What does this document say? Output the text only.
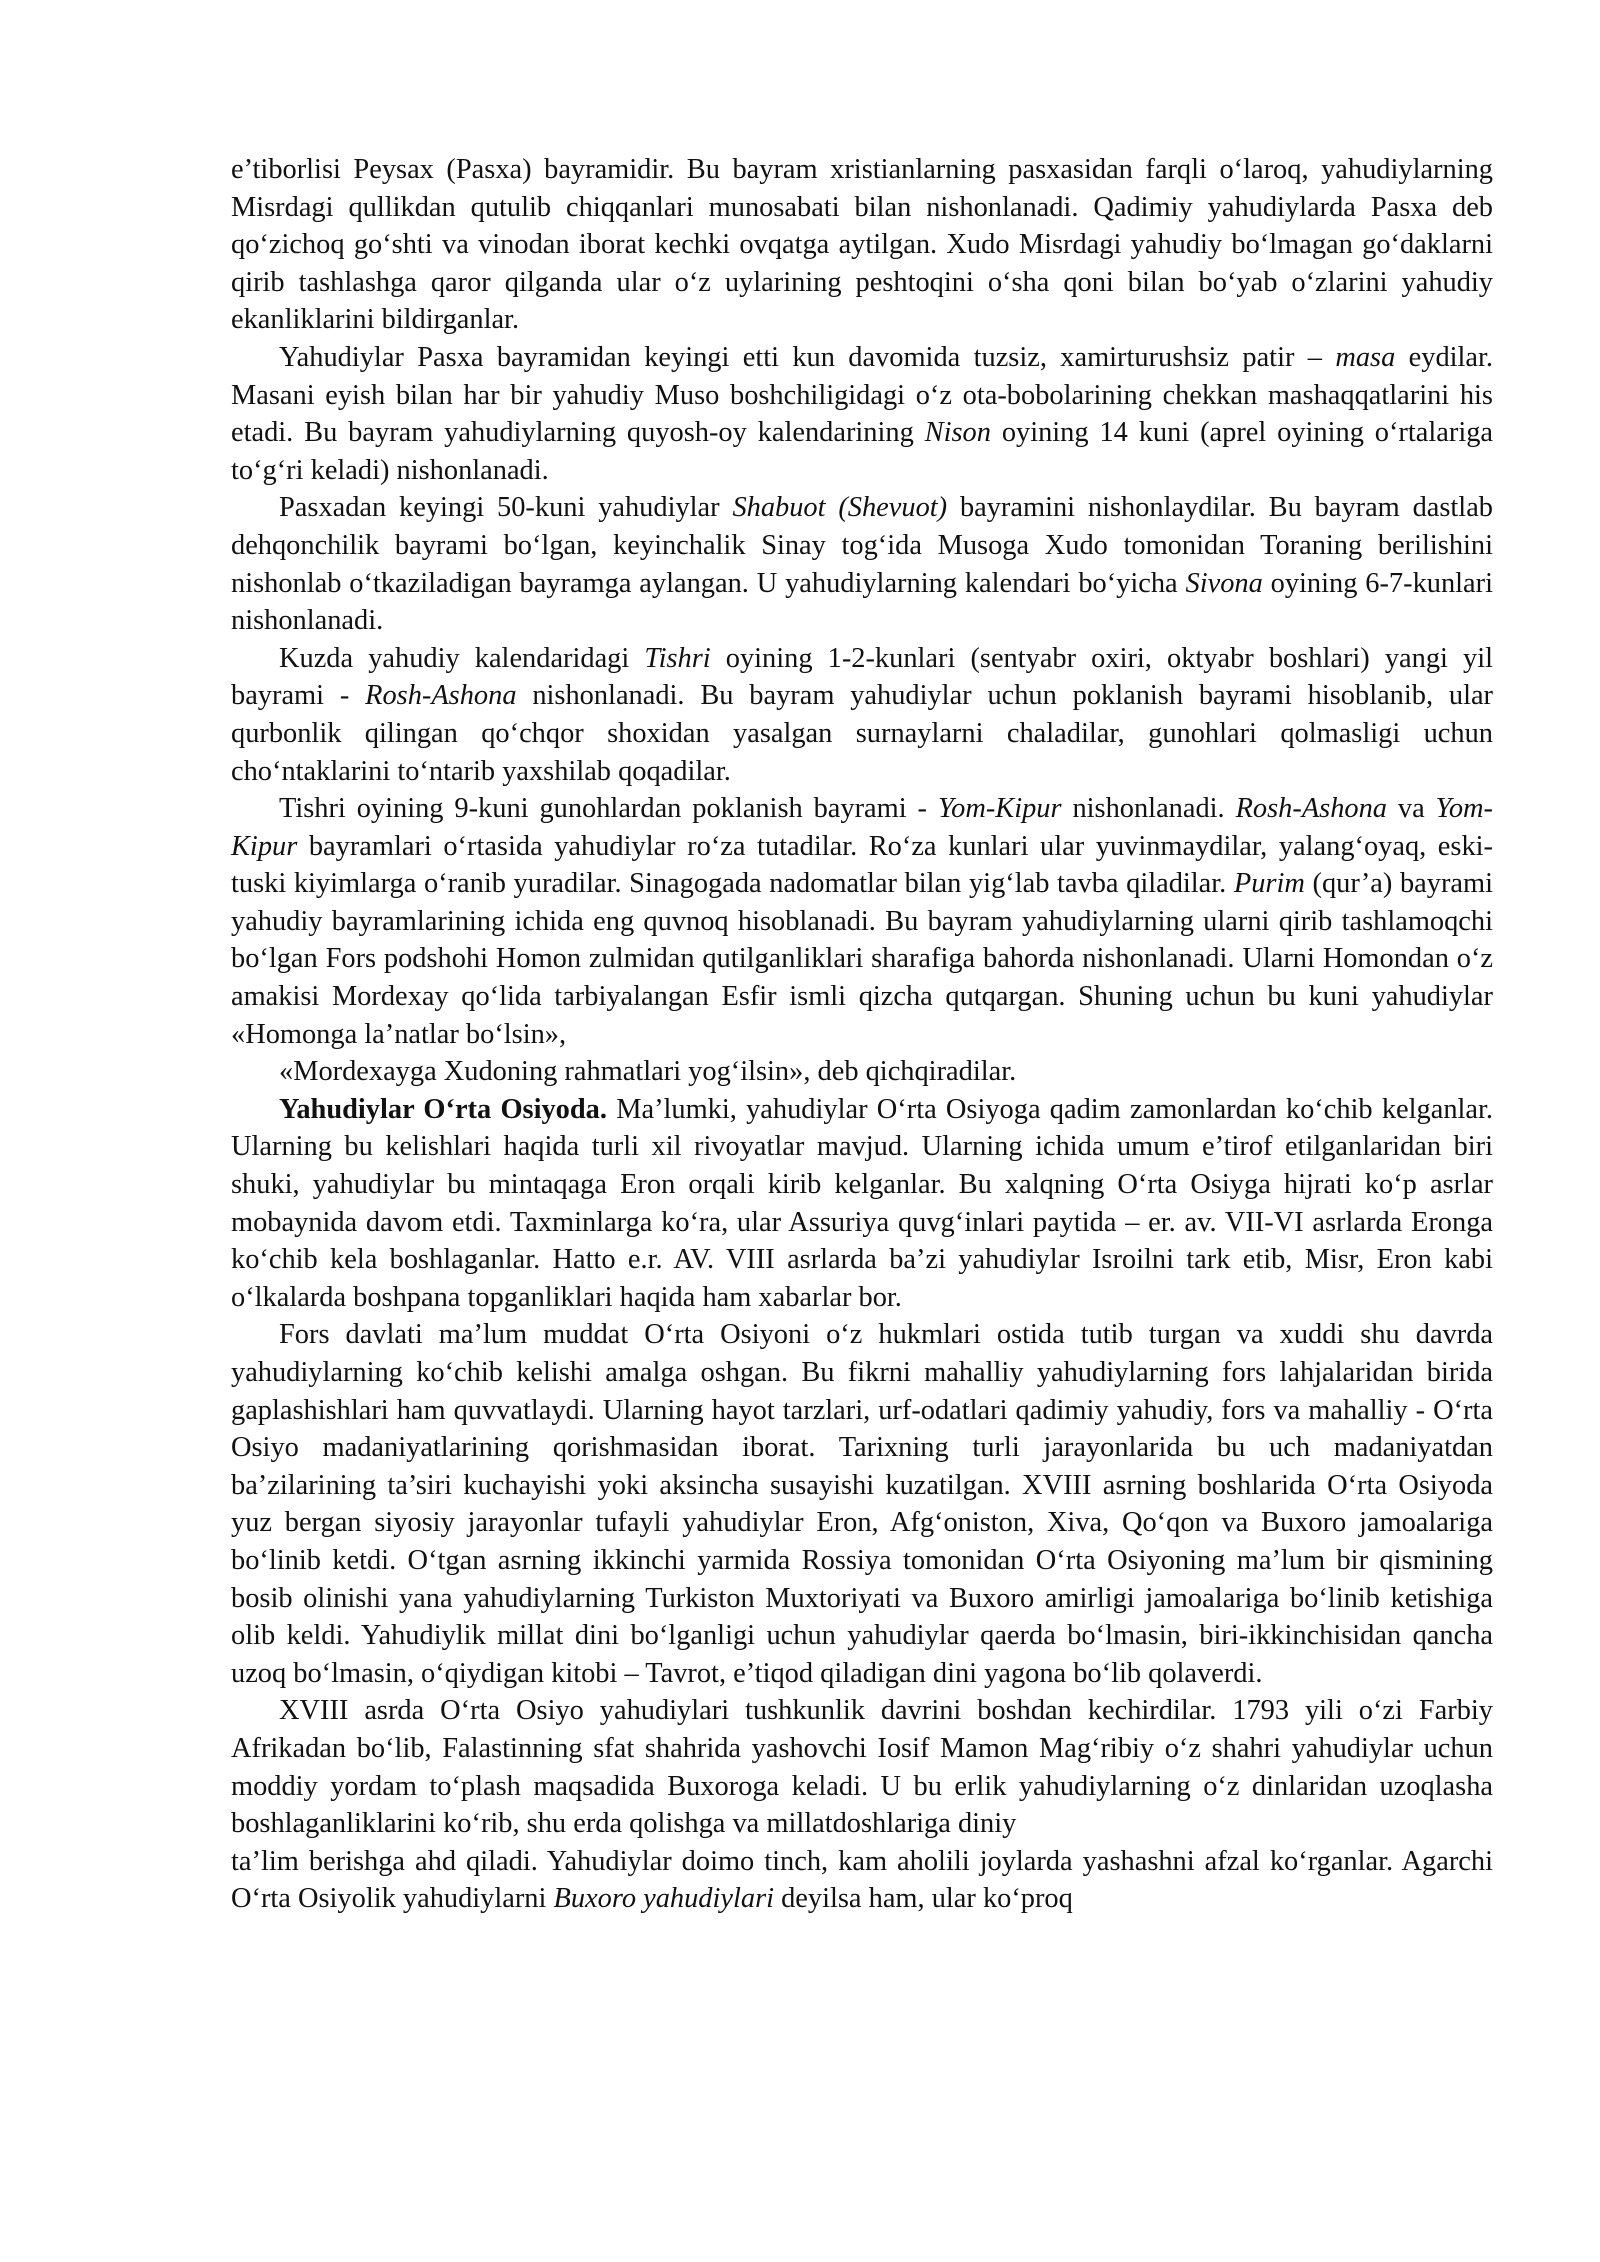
e’tiborlisi Peysax (Pasxa) bayramidir. Bu bayram xristianlarning pasxasidan farqli o‘laroq, yahudiylarning Misrdagi qullikdan qutulib chiqqanlari munosabati bilan nishonlanadi. Qadimiy yahudiylarda Pasxa deb qo‘zichoq go‘shti va vinodan iborat kechki ovqatga aytilgan. Xudo Misrdagi yahudiy bo‘lmagan go‘daklarni qirib tashlashga qaror qilganda ular o‘z uylarining peshtoqini o‘sha qoni bilan bo‘yab o‘zlarini yahudiy ekanliklarini bildirganlar.

Yahudiylar Pasxa bayramidan keyingi etti kun davomida tuzsiz, xamirturushsiz patir – masa eydilar. Masani eyish bilan har bir yahudiy Muso boshchiligidagi o‘z ota-bobolarining chekkan mashaqqatlarini his etadi. Bu bayram yahudiylarning quyosh-oy kalendarining Nison oyining 14 kuni (aprel oyining o‘rtalariga to‘g‘ri keladi) nishonlanadi.

Pasxadan keyingi 50-kuni yahudiylar Shabuot (Shevuot) bayramini nishonlaydilar. Bu bayram dastlab dehqonchilik bayrami bo‘lgan, keyinchalik Sinay tog‘ida Musoga Xudo tomonidan Toraning berilishini nishonlab o‘tkaziladigan bayramga aylangan. U yahudiylarning kalendari bo‘yicha Sivona oyining 6-7-kunlari nishonlanadi.

Kuzda yahudiy kalendaridagi Tishri oyining 1-2-kunlari (sentyabr oxiri, oktyabr boshlari) yangi yil bayrami - Rosh-Ashona nishonlanadi. Bu bayram yahudiylar uchun poklanish bayrami hisoblanib, ular qurbonlik qilingan qo‘chqor shoxidan yasalgan surnaylarni chaladilar, gunohlari qolmasligi uchun cho‘ntaklarini to‘ntarib yaxshilab qoqadilar.

Tishri oyining 9-kuni gunohlardan poklanish bayrami - Yom-Kipur nishonlanadi. Rosh-Ashona va Yom-Kipur bayramlari o‘rtasida yahudiylar ro‘za tutadilar. Ro‘za kunlari ular yuvinmaydilar, yalang‘oyaq, eski-tuski kiyimlarga o‘ranib yuradilar. Sinagogada nadomatlar bilan yig‘lab tavba qiladilar. Purim (qur’a) bayrami yahudiy bayramlarining ichida eng quvnoq hisoblanadi. Bu bayram yahudiylarning ularni qirib tashlamoqchi bo‘lgan Fors podshohi Homon zulmidan qutilganliklari sharafiga bahorda nishonlanadi. Ularni Homondan o‘z amakisi Mordexay qo‘lida tarbiyalangan Esfir ismli qizcha qutqargan. Shuning uchun bu kuni yahudiylar «Homonga la’natlar bo‘lsin»,

«Mordexayga Xudoning rahmatlari yog‘ilsin», deb qichqiradilar.

Yahudiylar O‘rta Osiyoda. Ma’lumki, yahudiylar O‘rta Osiyoga qadim zamonlardan ko‘chib kelganlar. Ularning bu kelishlari haqida turli xil rivoyatlar mavjud. Ularning ichida umum e’tirof etilganlaridan biri shuki, yahudiylar bu mintaqaga Eron orqali kirib kelganlar. Bu xalqning O‘rta Osiyga hijrati ko‘p asrlar mobaynida davom etdi. Taxminlarga ko‘ra, ular Assuriya quvg‘inlari paytida – er. av. VII-VI asrlarda Eronga ko‘chib kela boshlaganlar. Hatto e.r. AV. VIII asrlarda ba’zi yahudiylar Isroilni tark etib, Misr, Eron kabi o‘lkalarda boshpana topganliklari haqida ham xabarlar bor.

Fors davlati ma’lum muddat O‘rta Osiyoni o‘z hukmlari ostida tutib turgan va xuddi shu davrda yahudiylarning ko‘chib kelishi amalga oshgan. Bu fikrni mahalliy yahudiylarning fors lahjalaridan birida gaplashishlari ham quvvatlaydi. Ularning hayot tarzlari, urf-odatlari qadimiy yahudiy, fors va mahalliy - O‘rta Osiyo madaniyatlarining qorishmasidan iborat. Tarixning turli jarayonlarida bu uch madaniyatdan ba’zilarining ta’siri kuchayishi yoki aksincha susayishi kuzatilgan. XVIII asrning boshlarida O‘rta Osiyoda yuz bergan siyosiy jarayonlar tufayli yahudiylar Eron, Afg‘oniston, Xiva, Qo‘qon va Buxoro jamoalariga bo‘linib ketdi. O‘tgan asrning ikkinchi yarmida Rossiya tomonidan O‘rta Osiyoning ma’lum bir qismining bosib olinishi yana yahudiylarning Turkiston Muxtoriyati va Buxoro amirligi jamoalariga bo‘linib ketishiga olib keldi. Yahudiylik millat dini bo‘lganligi uchun yahudiylar qaerda bo‘lmasin, biri-ikkinchisidan qancha uzoq bo‘lmasin, o‘qiydigan kitobi – Tavrot, e’tiqod qiladigan dini yagona bo‘lib qolaverdi.

XVIII asrda O‘rta Osiyo yahudiylari tushkunlik davrini boshdan kechirdilar. 1793 yili o‘zi Farbiy Afrikadan bo‘lib, Falastinning sfat shahrida yashovchi Iosif Mamon Mag‘ribiy o‘z shahri yahudiylar uchun moddiy yordam to‘plash maqsadida Buxoroga keladi. U bu erlik yahudiylarning o‘z dinlaridan uzoqlasha boshlaganliklarini ko‘rib, shu erda qolishga va millatdoshlariga diniy

ta’lim berishga ahd qiladi. Yahudiylar doimo tinch, kam aholili joylarda yashashni afzal ko‘rganlar. Agarchi O‘rta Osiyolik yahudiylarni Buxoro yahudiylari deyilsa ham, ular ko‘proq
